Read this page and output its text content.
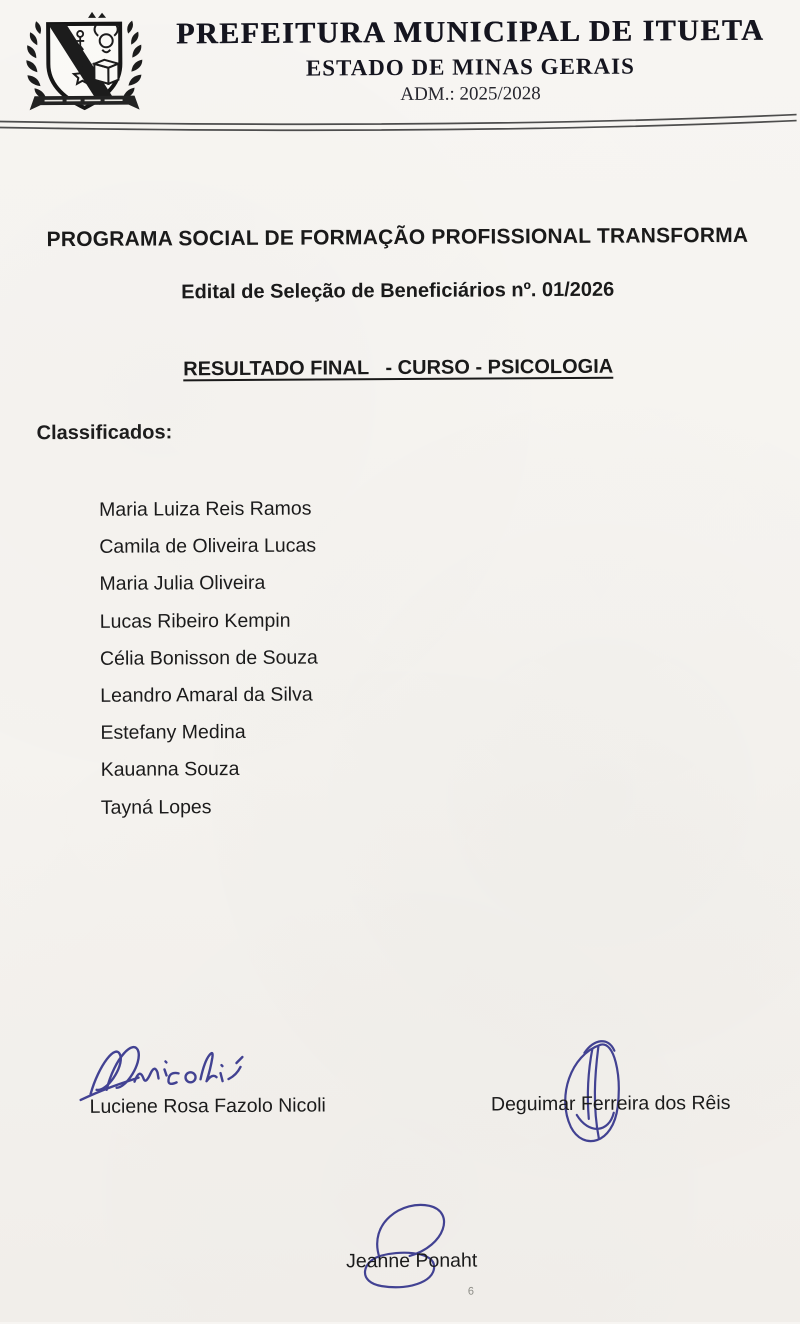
PREFEITURA MUNICIPAL DE ITUETA
ESTADO DE MINAS GERAIS
ADM.: 2025/2028
PROGRAMA SOCIAL DE FORMAÇÃO PROFISSIONAL TRANSFORMA
Edital de Seleção de Beneficiários nº. 01/2026
RESULTADO FINAL   - CURSO - PSICOLOGIA
Classificados:
Maria Luiza Reis Ramos
Camila de Oliveira Lucas
Maria Julia Oliveira
Lucas Ribeiro Kempin
Célia Bonisson de Souza
Leandro Amaral da Silva
Estefany Medina
Kauanna Souza
Tayná Lopes
Luciene Rosa Fazolo Nicoli	Deguimar Ferreira dos Rêis
Jeanne Ponaht
6
